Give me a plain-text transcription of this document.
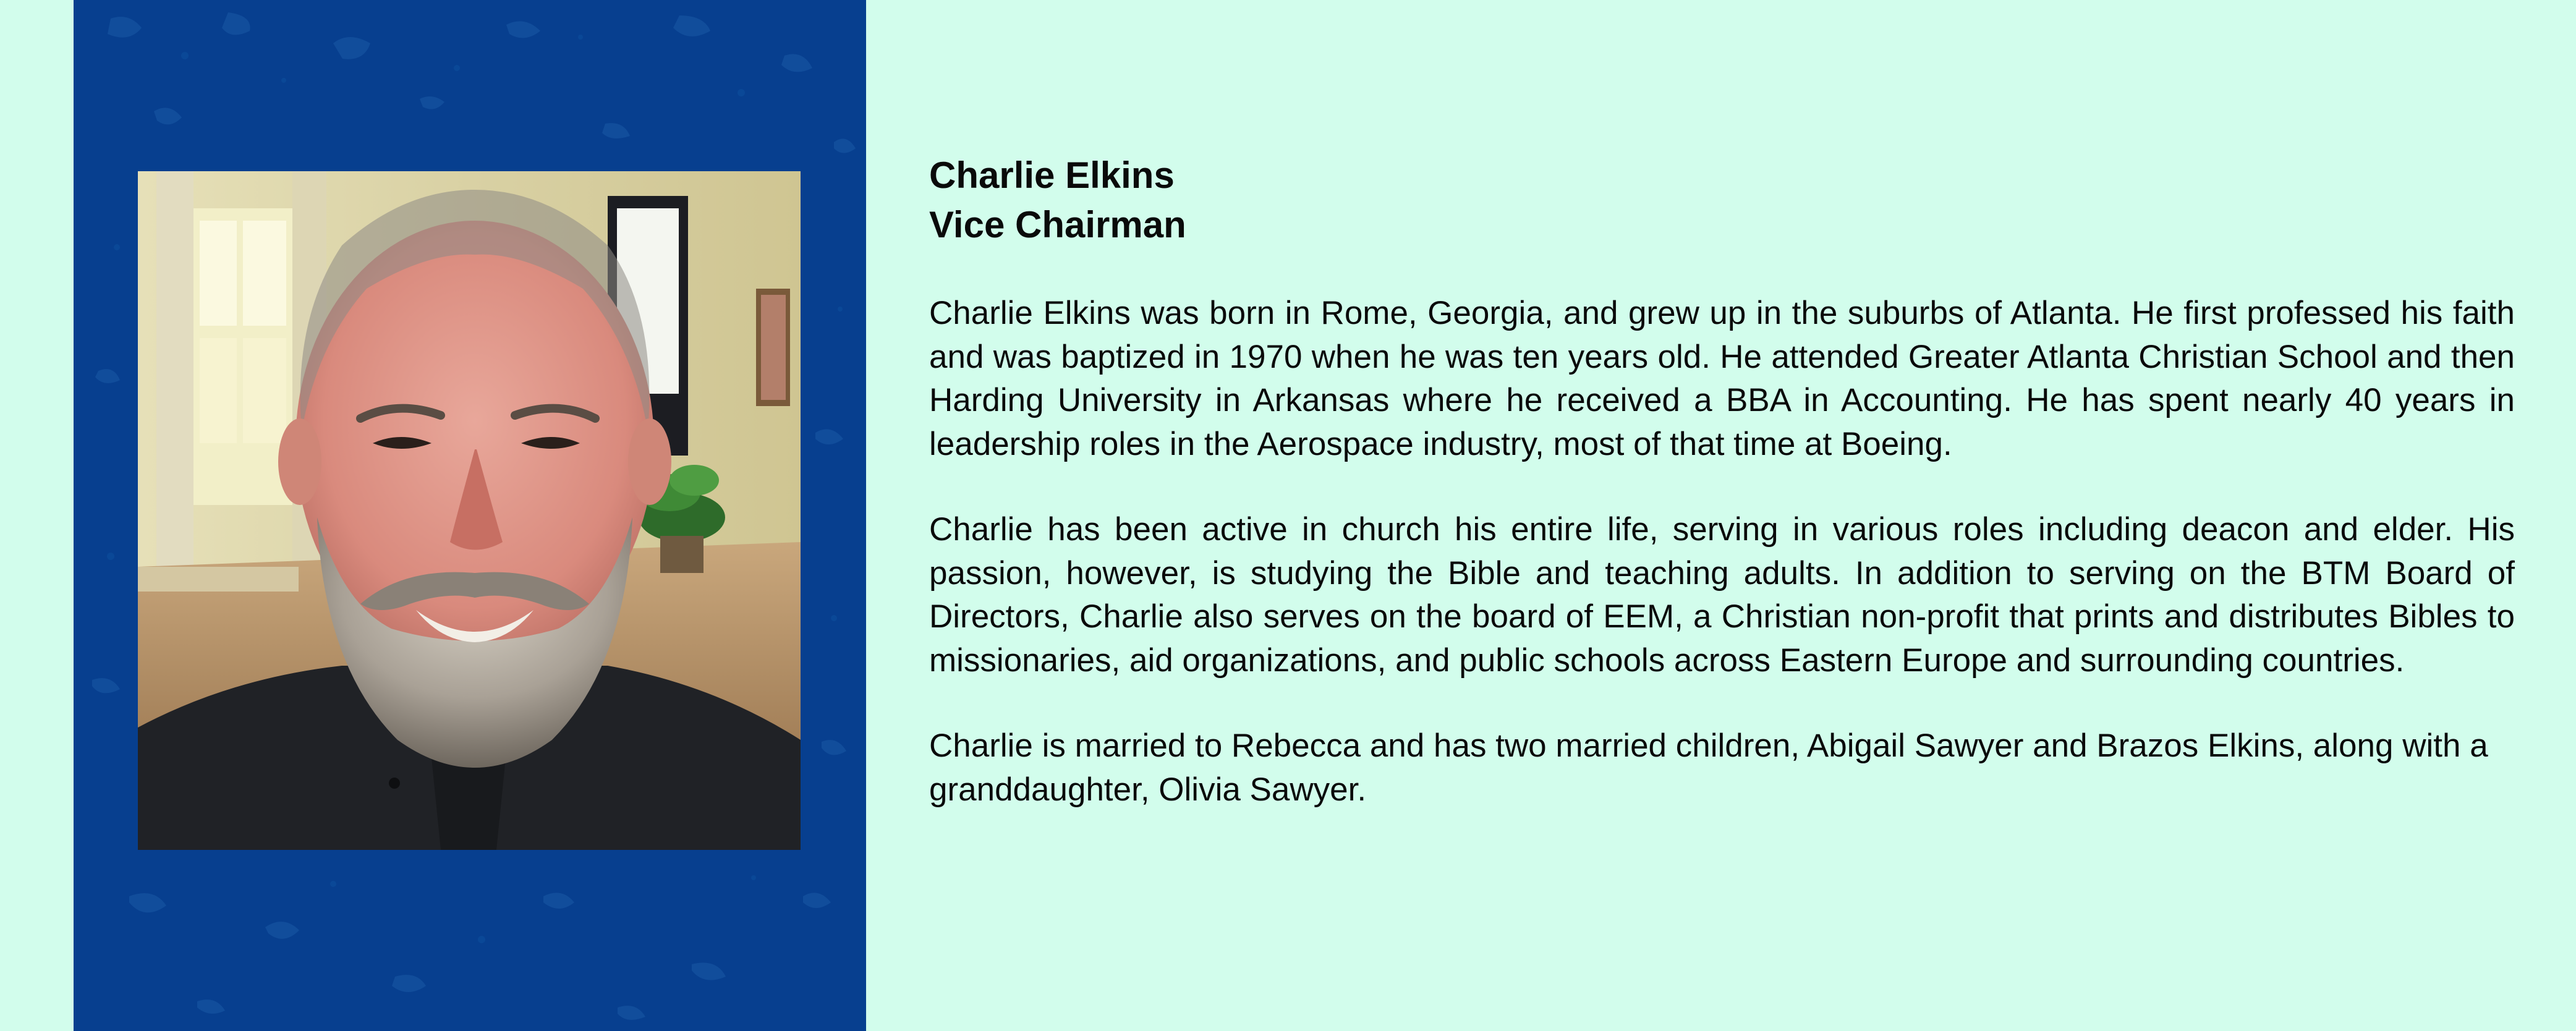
Charlie Elkins
Vice Chairman

Charlie Elkins was born in Rome, Georgia, and grew up in the suburbs of Atlanta. He first professed his faith and was baptized in 1970 when he was ten years old. He attended Greater Atlanta Christian School and then Harding University in Arkansas where he received a BBA in Accounting. He has spent nearly 40 years in leadership roles in the Aerospace industry, most of that time at Boeing.

Charlie has been active in church his entire life, serving in various roles including deacon and elder. His passion, however, is studying the Bible and teaching adults. In addition to serving on the BTM Board of Directors, Charlie also serves on the board of EEM, a Christian non-profit that prints and distributes Bibles to missionaries, aid organizations, and public schools across Eastern Europe and surrounding countries.

Charlie is married to Rebecca and has two married children, Abigail Sawyer and Brazos Elkins, along with a granddaughter, Olivia Sawyer.
